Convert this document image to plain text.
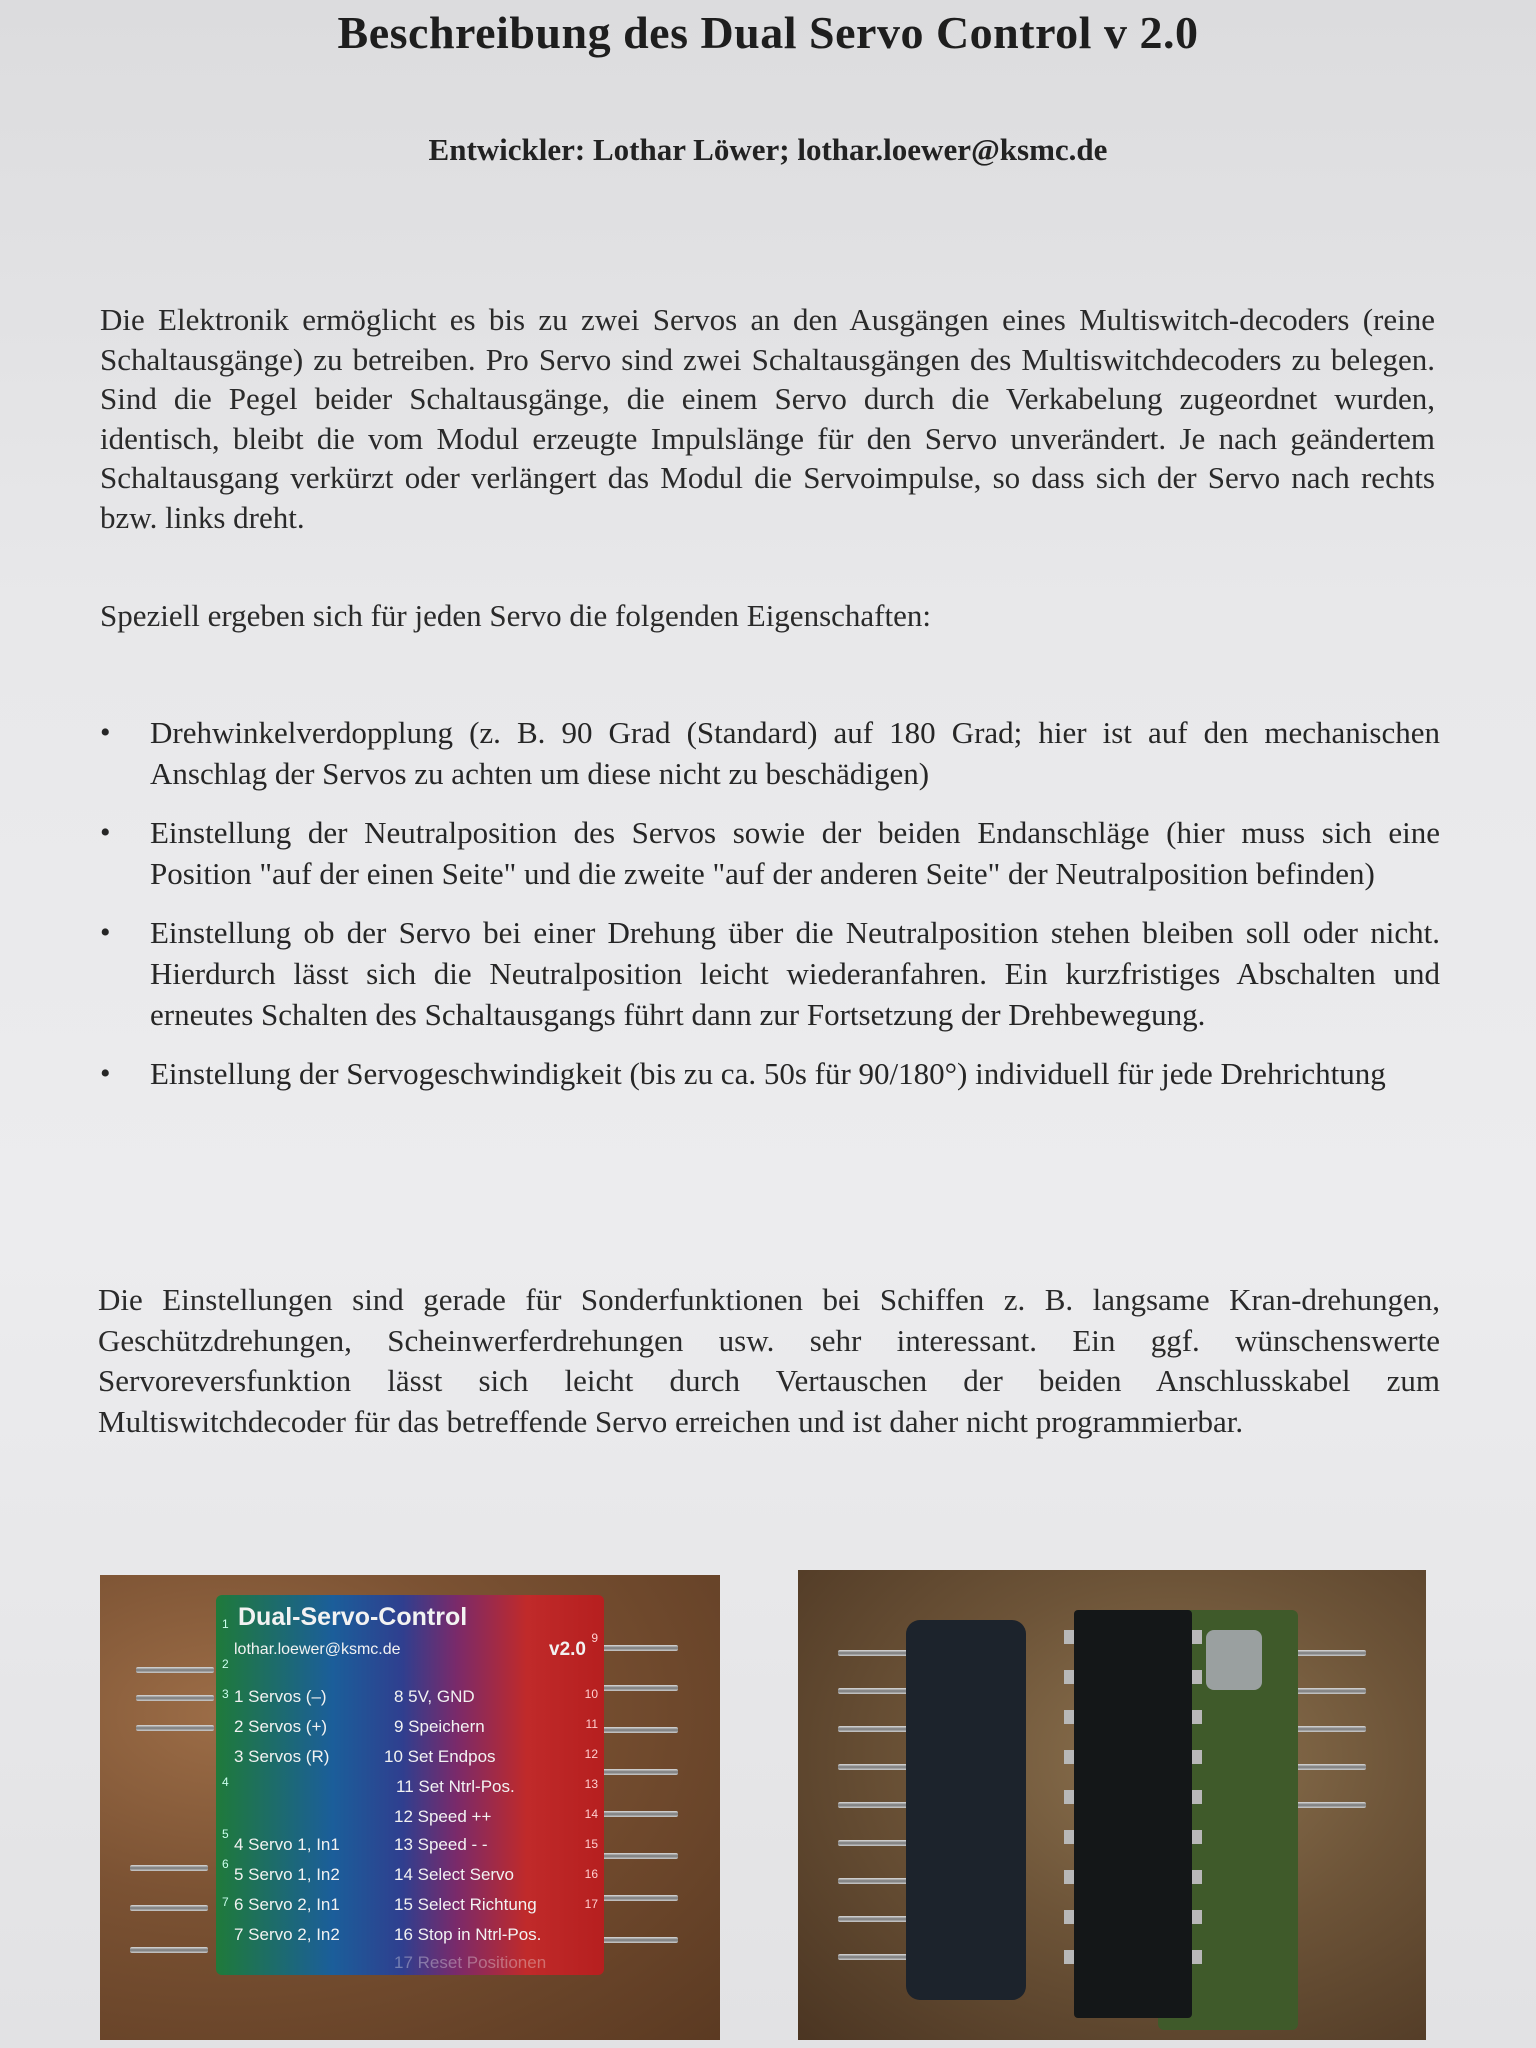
Beschreibung des Dual Servo Control v 2.0
Entwickler: Lothar Löwer; lothar.loewer@ksmc.de

Die Elektronik ermöglicht es bis zu zwei Servos an den Ausgängen eines Multiswitch-decoders (reine Schaltausgänge) zu betreiben. Pro Servo sind zwei Schaltausgängen des Multiswitchdecoders zu belegen. Sind die Pegel beider Schaltausgänge, die einem Servo durch die Verkabelung zugeordnet wurden, identisch, bleibt die vom Modul erzeugte Impulslänge für den Servo unverändert. Je nach geändertem Schaltausgang verkürzt oder verlängert das Modul die Servoimpulse, so dass sich der Servo nach rechts bzw. links dreht.

Speziell ergeben sich für jeden Servo die folgenden Eigenschaften:

• Drehwinkelverdopplung (z. B. 90 Grad (Standard) auf 180 Grad; hier ist auf den mechanischen Anschlag der Servos zu achten um diese nicht zu beschädigen)
• Einstellung der Neutralposition des Servos sowie der beiden Endanschläge (hier muss sich eine Position "auf der einen Seite" und die zweite "auf der anderen Seite" der Neutralposition befinden)
• Einstellung ob der Servo bei einer Drehung über die Neutralposition stehen bleiben soll oder nicht. Hierdurch lässt sich die Neutralposition leicht wiederanfahren. Ein kurzfristiges Abschalten und erneutes Schalten des Schaltausgangs führt dann zur Fortsetzung der Drehbewegung.
• Einstellung der Servogeschwindigkeit (bis zu ca. 50s für 90/180°) individuell für jede Drehrichtung

Die Einstellungen sind gerade für Sonderfunktionen bei Schiffen z. B. langsame Kran-drehungen, Geschützdrehungen, Scheinwerferdrehungen usw. sehr interessant. Ein ggf. wünschenswerte Servoreversfunktion lässt sich leicht durch Vertauschen der beiden Anschlusskabel zum Multiswitchdecoder für das betreffende Servo erreichen und ist daher nicht programmierbar.

Dual-Servo-Control
lothar.loewer@ksmc.de	v2.0
3
2
1
4
5
6
7
1 Servos (–)
2 Servos (+)
3 Servos (R)
4 Servo 1, In1
5 Servo 1, In2
6 Servo 2, In1
7 Servo 2, In2
8 5V, GND
9 Speichern
10 Set Endpos
11 Set Ntrl-Pos.
12 Speed ++
13 Speed - -
14 Select Servo
15 Select Richtung
16 Stop in Ntrl-Pos.
17 Reset Positionen
9
10
11
12
13
14
15
16
17
